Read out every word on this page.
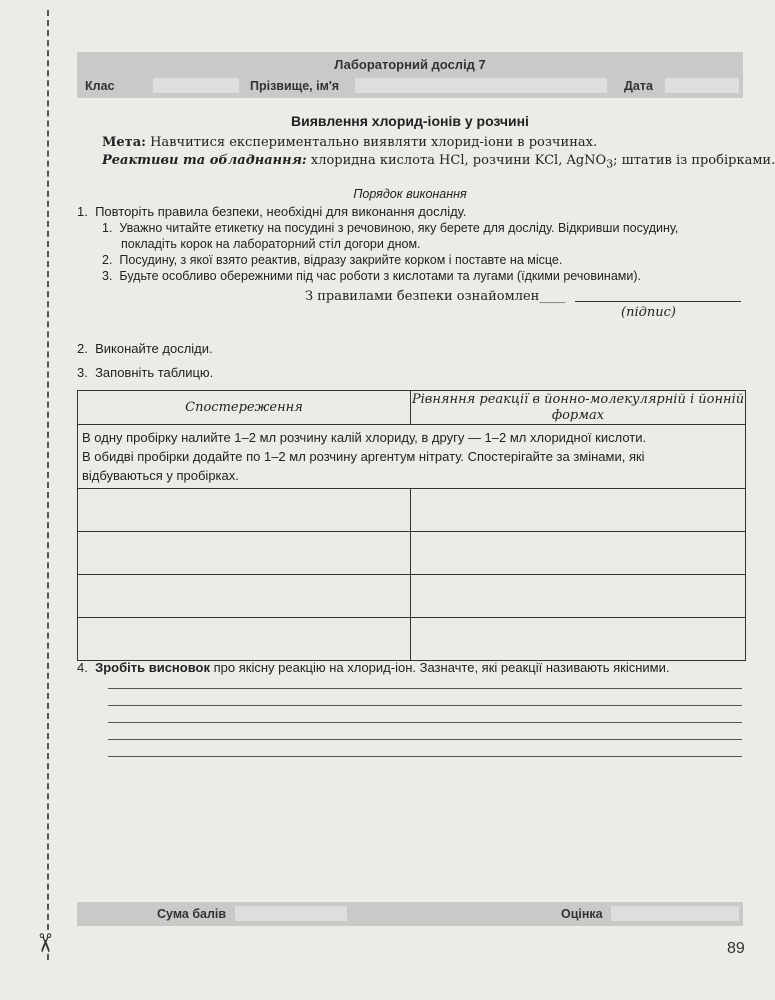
✂
Лабораторний дослід 7
Клас	Прізвище, ім'я	Дата
Виявлення хлорид-іонів у розчині
Мета: Навчитися експериментально виявляти хлорид-іони в розчинах.
Реактиви та обладнання: хлоридна кислота HCl, розчини KCl, AgNO$_3$; штатив із пробірками.
Порядок виконання
1. Повторіть правила безпеки, необхідні для виконання досліду.
1. Уважно читайте етикетку на посудині з речовиною, яку берете для досліду. Відкривши посудину,
покладіть корок на лабораторний стіл догори дном.
2. Посудину, з якої взято реактив, відразу закрийте корком і поставте на місце.
3. Будьте особливо обережними під час роботи з кислотами та лугами (їдкими речовинами).
З правилами безпеки ознайомлен____
(підпис)
2. Виконайте досліди.
3. Заповніть таблицю.
Спостереження	Рівняння реакції в йонно-молекулярній і йонній формах

В одну пробірку налийте 1–2 мл розчину калій хлориду, в другу — 1–2 мл хлоридної кислоти.
В обидві пробірки додайте по 1–2 мл розчину аргентум нітрату. Спостерігайте за змінами, які
відбуваються у пробірках.	

4. Зробіть висновок про якісну реакцію на хлорид-іон. Зазначте, які реакції називають якісними.
Сума балів	Оцінка
89
